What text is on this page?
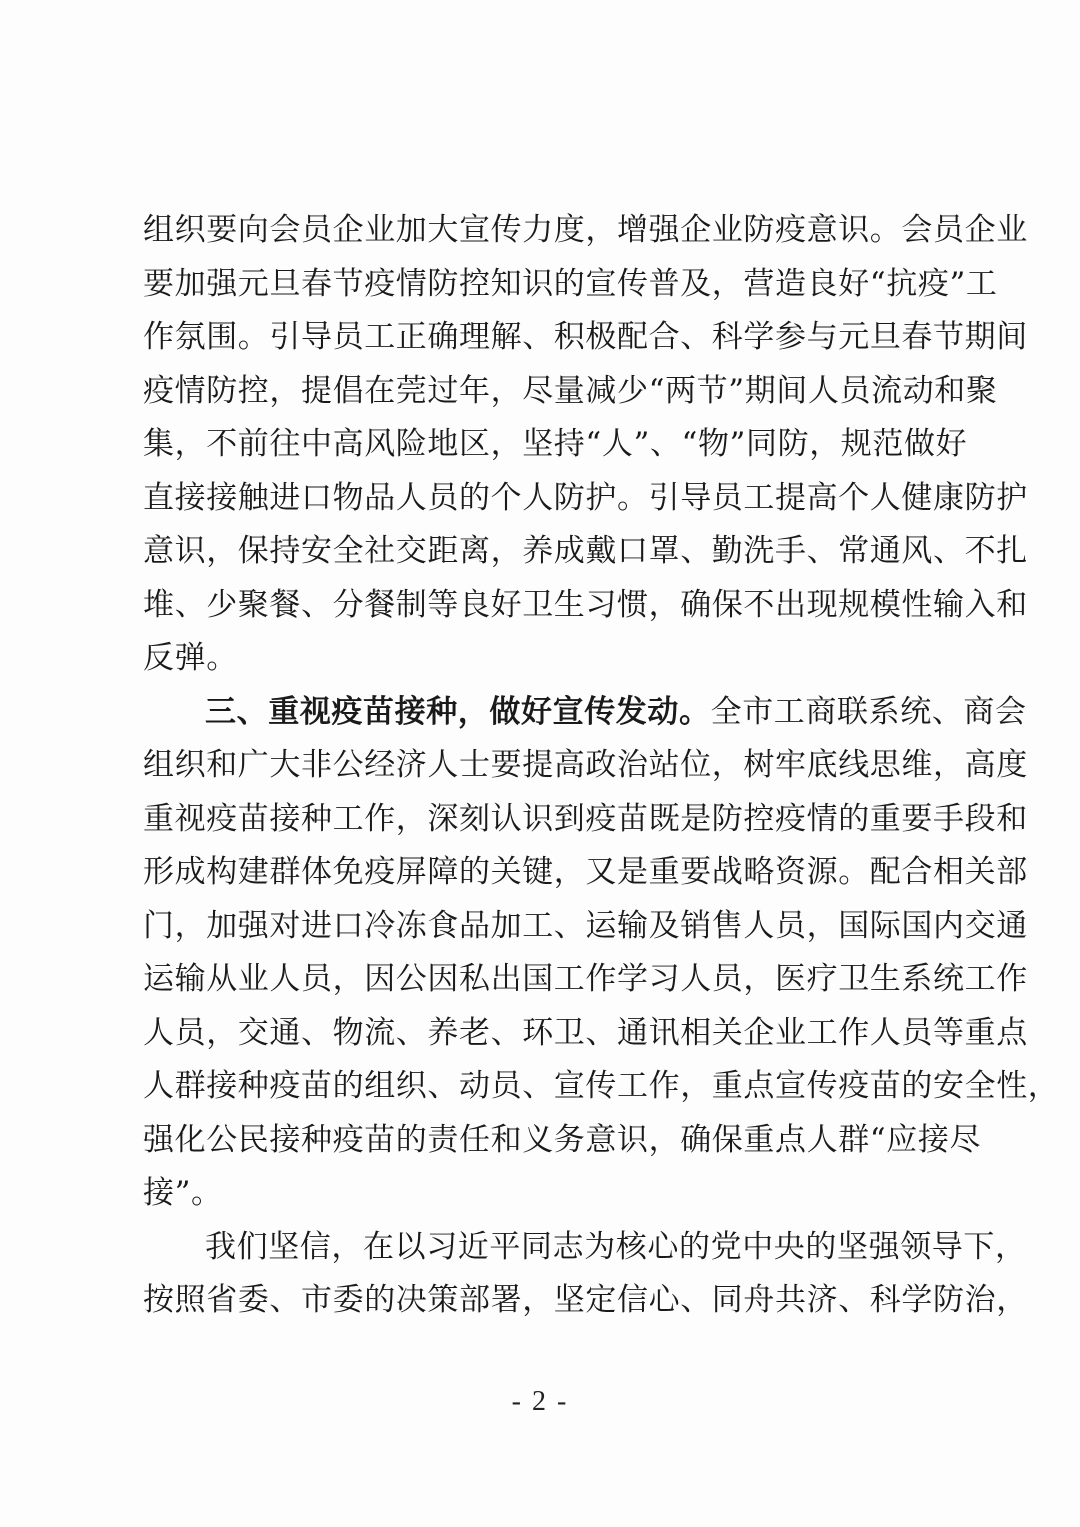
组织要向会员企业加大宣传力度，增强企业防疫意识。会员企业
要加强元旦春节疫情防控知识的宣传普及，营造良好“抗疫”工
作氛围。引导员工正确理解、积极配合、科学参与元旦春节期间
疫情防控，提倡在莞过年，尽量减少“两节”期间人员流动和聚
集，不前往中高风险地区，坚持“人”、“物”同防，规范做好
直接接触进口物品人员的个人防护。引导员工提高个人健康防护
意识，保持安全社交距离，养成戴口罩、勤洗手、常通风、不扎
堆、少聚餐、分餐制等良好卫生习惯，确保不出现规模性输入和
反弹。
三、重视疫苗接种，做好宣传发动。全市工商联系统、商会
组织和广大非公经济人士要提高政治站位，树牢底线思维，高度
重视疫苗接种工作，深刻认识到疫苗既是防控疫情的重要手段和
形成构建群体免疫屏障的关键，又是重要战略资源。配合相关部
门，加强对进口冷冻食品加工、运输及销售人员，国际国内交通
运输从业人员，因公因私出国工作学习人员，医疗卫生系统工作
人员，交通、物流、养老、环卫、通讯相关企业工作人员等重点
人群接种疫苗的组织、动员、宣传工作，重点宣传疫苗的安全性，
强化公民接种疫苗的责任和义务意识，确保重点人群“应接尽
接”。
我们坚信，在以习近平同志为核心的党中央的坚强领导下，
按照省委、市委的决策部署，坚定信心、同舟共济、科学防治，
- 2 -
